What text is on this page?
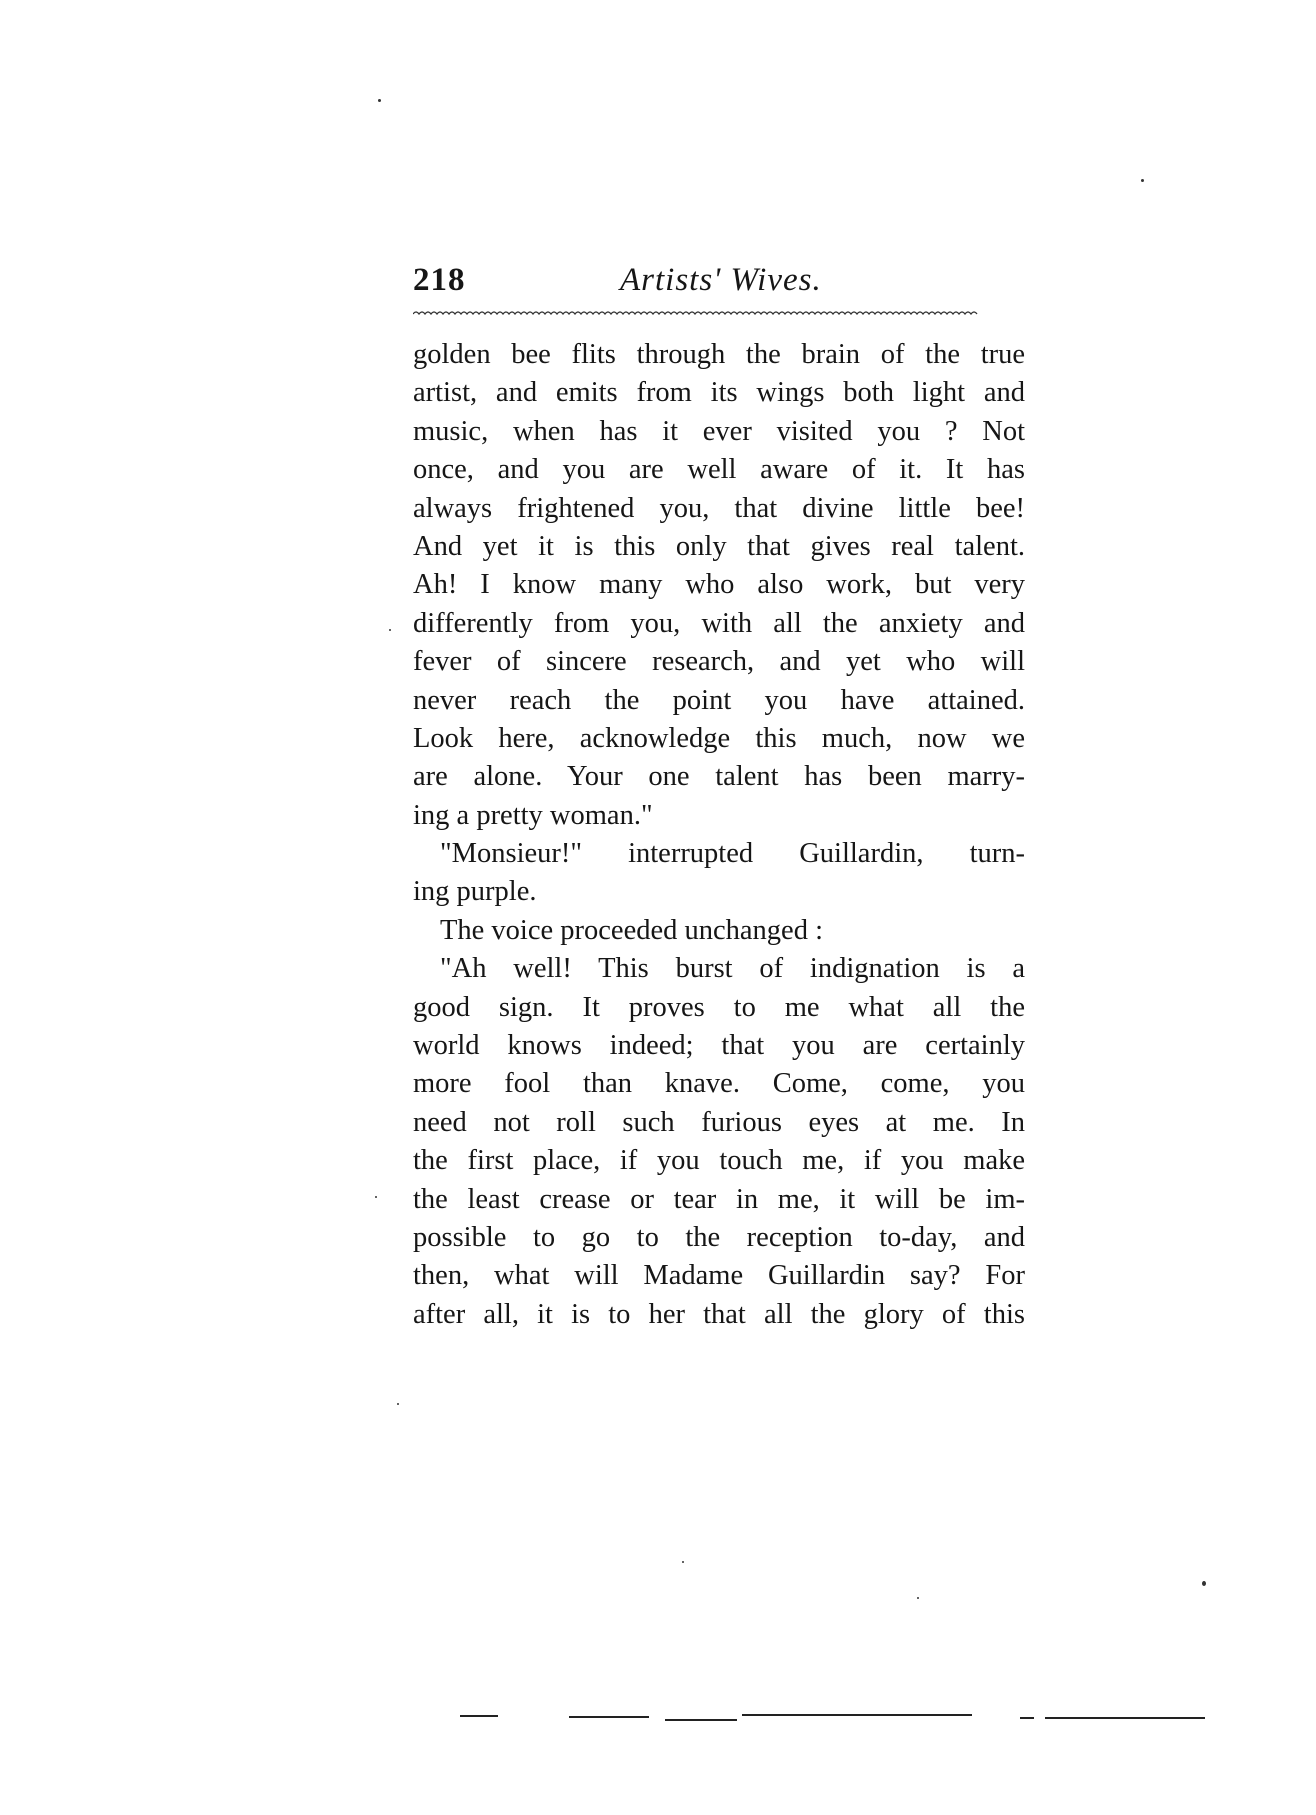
218	Artists' Wives.
golden bee flits through the brain of the true
artist, and emits from its wings both light and
music, when has it ever visited you ? Not
once, and you are well aware of it. It has
always frightened you, that divine little bee!
And yet it is this only that gives real talent.
Ah! I know many who also work, but very
differently from you, with all the anxiety and
fever of sincere research, and yet who will
never reach the point you have attained.
Look here, acknowledge this much, now we
are alone. Your one talent has been marry-
ing a pretty woman."
"Monsieur!" interrupted Guillardin, turn-
ing purple.
The voice proceeded unchanged :
"Ah well! This burst of indignation is a
good sign. It proves to me what all the
world knows indeed; that you are certainly
more fool than knave. Come, come, you
need not roll such furious eyes at me. In
the first place, if you touch me, if you make
the least crease or tear in me, it will be im-
possible to go to the reception to-day, and
then, what will Madame Guillardin say? For
after all, it is to her that all the glory of this
